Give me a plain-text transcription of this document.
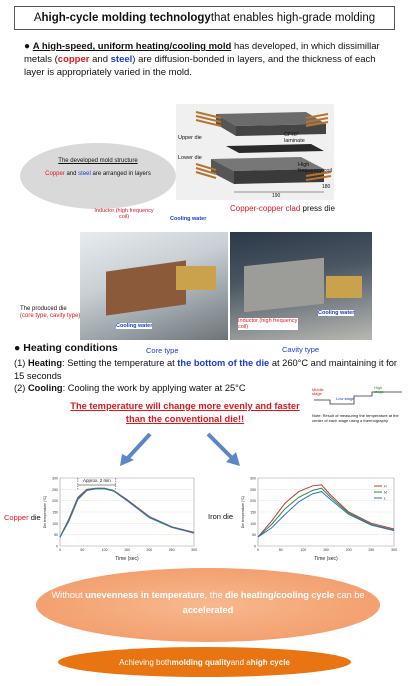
A high-cycle molding technology that enables high-grade molding
● A high-speed, uniform heating/cooling mold has developed, in which dissimillar metals (copper and steel) are diffusion-bonded in layers, and the thickness of each layer is appropriately varied in the mold.
The developed mold structure
Copper and steel are arranged in layers
Upper die
Lower die
CFRP laminate
High frequency coil
190
180
Copper-copper clad press die
Inductor (high frequency coil)	Cooling water
Cooling water
Inductor (high frequency coil)
Cooling water
The produced die
(core type, cavity type)
Core type	Cavity type
● Heating conditions
(1) Heating: Setting the temperature at the bottom of the die at 260°C and maintaining it for 15 seconds
(2) Cooling: Cooling the work by applying water at 25°C
The temperature will change more evenly and faster
than the conventional die!!
Middle stage
Low stage
High stage
Note: Result of measuring the temperature at the center of each stage using a thermography
Copper die	Iron die
0
50
100
150
200
250
300
0	50	100	150	200	250	300
Time (sec)
Die temperature (°C)
Approx. 2 min
0
50
100
150
200
250
300
0	50	100	150	200	250	300
Time (sec)
Die temperature (°C)
H
M
L
Without unevenness in temperature, the die heating/cooling cycle can be accelerated
Achieving both molding quality and a high cycle
